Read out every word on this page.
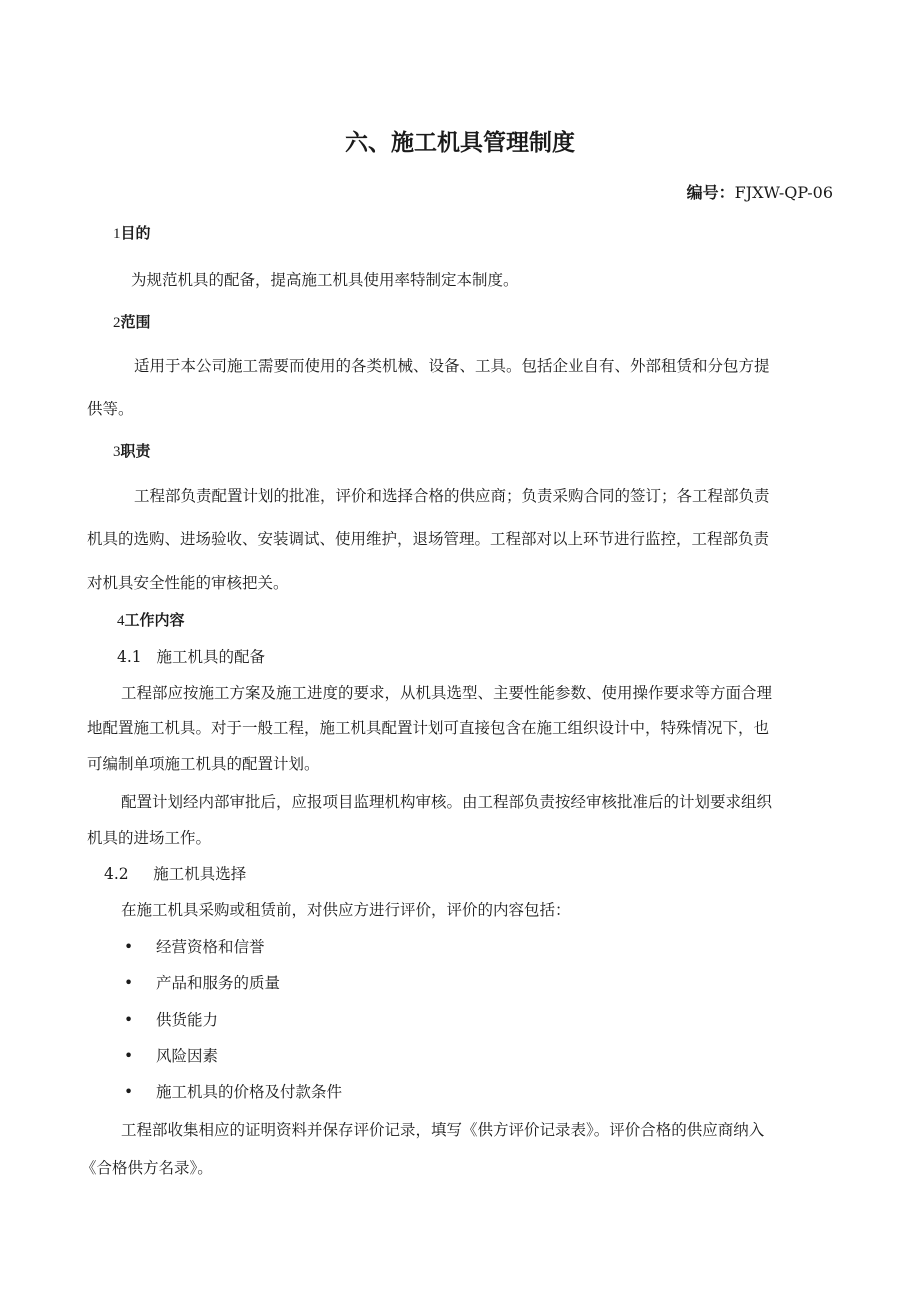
六、施工机具管理制度
编号：FJXW-QP-06
1目的
为规范机具的配备，提高施工机具使用率特制定本制度。
2范围
适用于本公司施工需要而使用的各类机械、设备、工具。包括企业自有、外部租赁和分包方提
供等。
3职责
工程部负责配置计划的批准，评价和选择合格的供应商；负责采购合同的签订；各工程部负责
机具的选购、进场验收、安装调试、使用维护，退场管理。工程部对以上环节进行监控，工程部负责
对机具安全性能的审核把关。
4工作内容
4.1 施工机具的配备
工程部应按施工方案及施工进度的要求，从机具选型、主要性能参数、使用操作要求等方面合理
地配置施工机具。对于一般工程，施工机具配置计划可直接包含在施工组织设计中，特殊情况下，也
可编制单项施工机具的配置计划。
配置计划经内部审批后，应报项目监理机构审核。由工程部负责按经审核批准后的计划要求组织
机具的进场工作。
4.2 施工机具选择
在施工机具采购或租赁前，对供应方进行评价，评价的内容包括：
• 经营资格和信誉
• 产品和服务的质量
• 供货能力
• 风险因素
• 施工机具的价格及付款条件
工程部收集相应的证明资料并保存评价记录，填写《供方评价记录表》。评价合格的供应商纳入
《合格供方名录》。
